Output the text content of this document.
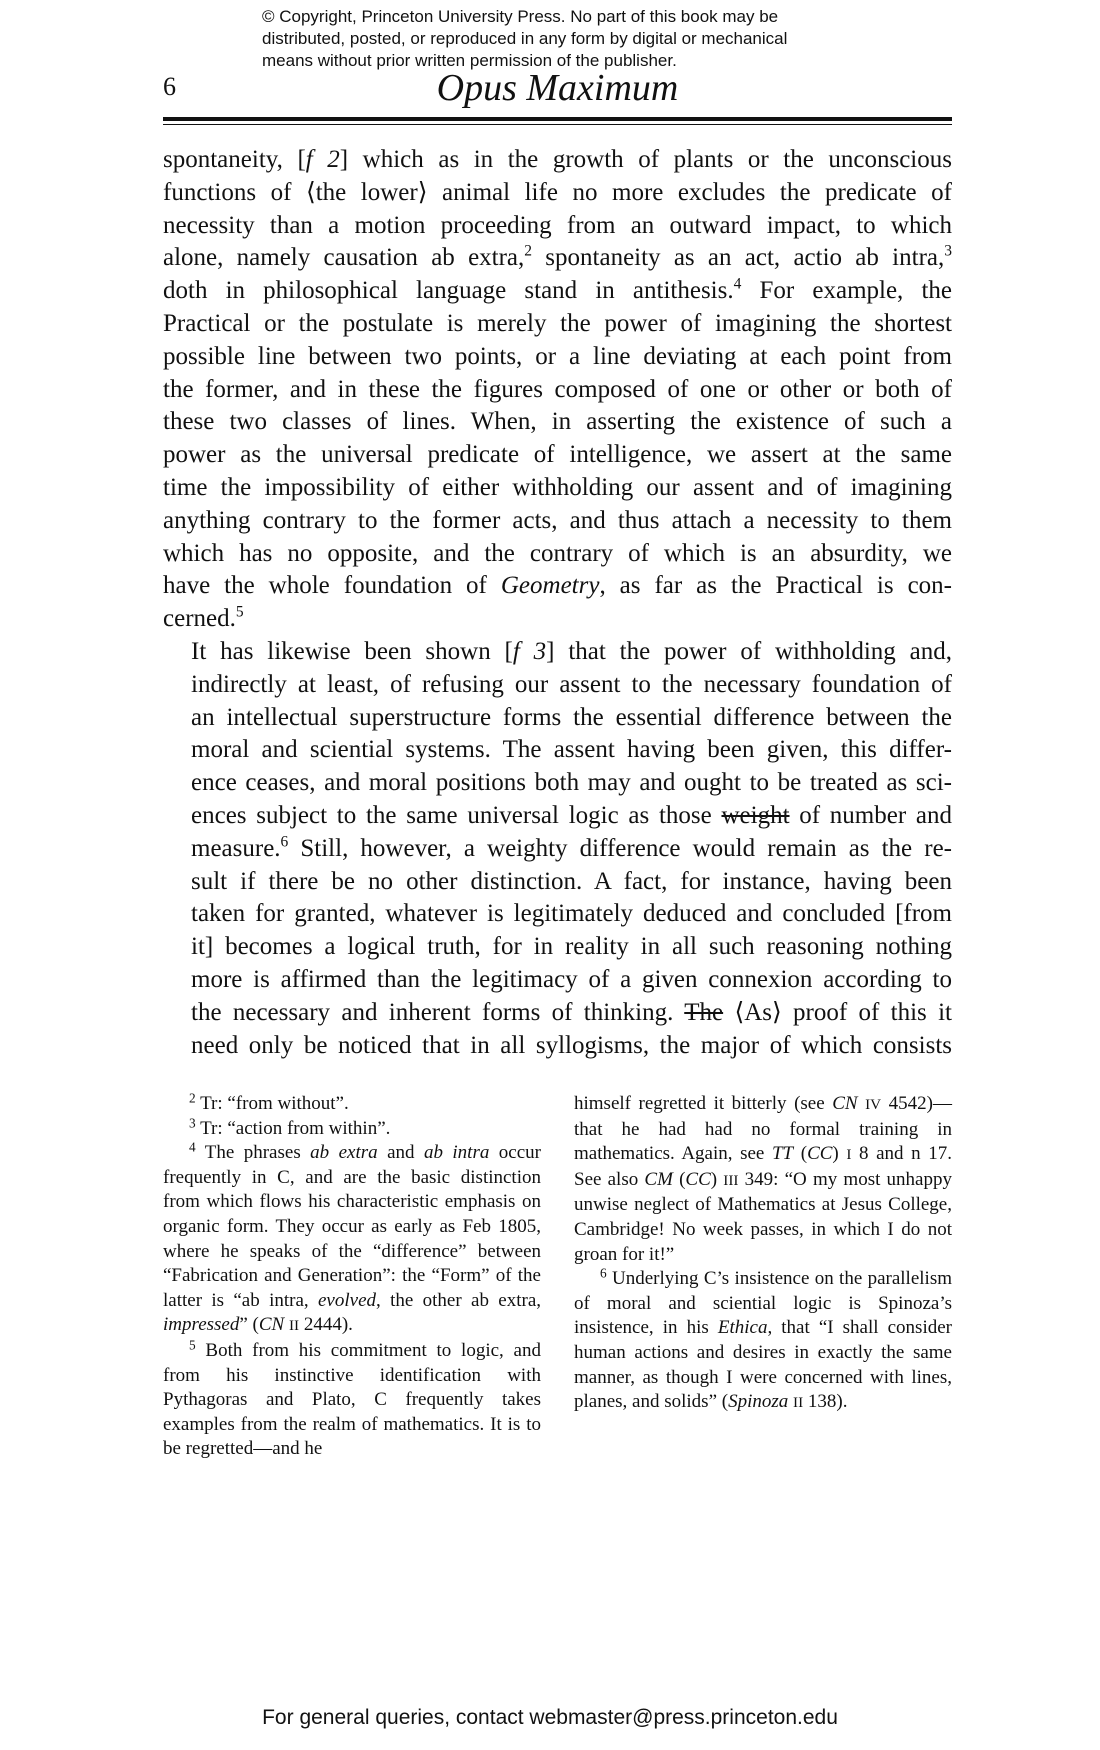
© Copyright, Princeton University Press. No part of this book may be
distributed, posted, or reproduced in any form by digital or mechanical
means without prior written permission of the publisher.
6	Opus Maximum

spontaneity, [f 2] which as in the growth of plants or the unconscious
functions of ⟨the lower⟩ animal life no more excludes the predicate of
necessity than a motion proceeding from an outward impact, to which
alone, namely causation ab extra,$^2$ spontaneity as an act, actio ab intra,$^3$
doth in philosophical language stand in antithesis.$^4$ For example, the
Practical or the postulate is merely the power of imagining the shortest
possible line between two points, or a line deviating at each point from
the former, and in these the figures composed of one or other or both of
these two classes of lines. When, in asserting the existence of such a
power as the universal predicate of intelligence, we assert at the same
time the impossibility of either withholding our assent and of imagining
anything contrary to the former acts, and thus attach a necessity to them
which has no opposite, and the contrary of which is an absurdity, we
have the whole foundation of Geometry, as far as the Practical is con-
cerned.$^5$

It has likewise been shown [f 3] that the power of withholding and,
indirectly at least, of refusing our assent to the necessary foundation of
an intellectual superstructure forms the essential difference between the
moral and sciential systems. The assent having been given, this differ-
ence ceases, and moral positions both may and ought to be treated as sci-
ences subject to the same universal logic as those weight of number and
measure.$^6$ Still, however, a weighty difference would remain as the re-
sult if there be no other distinction. A fact, for instance, having been
taken for granted, whatever is legitimately deduced and concluded [from
it] becomes a logical truth, for in reality in all such reasoning nothing
more is affirmed than the legitimacy of a given connexion according to
the necessary and inherent forms of thinking. The ⟨As⟩ proof of this it
need only be noticed that in all syllogisms, the major of which consists

$^2$ Tr: “from without”.

$^3$ Tr: “action from within”.

$^4$ The phrases ab extra and ab intra occur frequently in C, and are the basic distinction from which flows his characteristic emphasis on organic form. They occur as early as Feb 1805, where he speaks of the “difference” between “Fabrication and Generation”: the “Form” of the latter is “ab intra, evolved, the other ab extra, impressed” (CN II 2444).

$^5$ Both from his commitment to logic, and from his instinctive identification with Pythagoras and Plato, C frequently takes examples from the realm of mathematics. It is to be regretted—and he

himself regretted it bitterly (see CN IV 4542)—that he had had no formal training in mathematics. Again, see TT (CC) I 8 and n 17. See also CM (CC) III 349: “O my most unhappy unwise neglect of Mathematics at Jesus College, Cambridge! No week passes, in which I do not groan for it!”

$^6$ Underlying C’s insistence on the parallelism of moral and sciential logic is Spinoza’s insistence, in his Ethica, that “I shall consider human actions and desires in exactly the same manner, as though I were concerned with lines, planes, and solids” (Spinoza II 138).

For general queries, contact webmaster@press.princeton.edu
